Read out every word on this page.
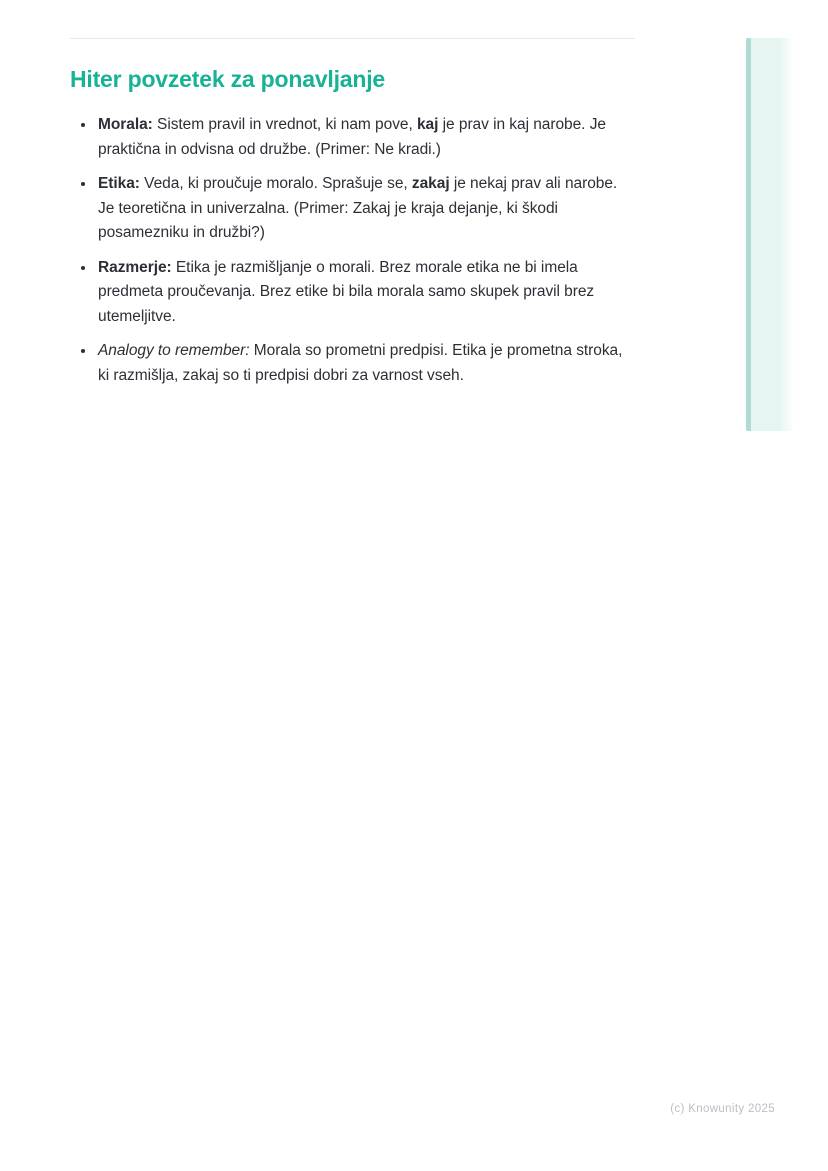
Hiter povzetek za ponavljanje
• Morala: Sistem pravil in vrednot, ki nam pove, kaj je prav in kaj narobe. Je praktična in odvisna od družbe. (Primer: Ne kradi.)
• Etika: Veda, ki proučuje moralo. Sprašuje se, zakaj je nekaj prav ali narobe. Je teoretična in univerzalna. (Primer: Zakaj je kraja dejanje, ki škodi posamezniku in družbi?)
• Razmerje: Etika je razmišljanje o morali. Brez morale etika ne bi imela predmeta proučevanja. Brez etike bi bila morala samo skupek pravil brez utemeljitve.
• Analogy to remember: Morala so prometni predpisi. Etika je prometna stroka, ki razmišlja, zakaj so ti predpisi dobri za varnost vseh.
(c) Knowunity 2025
